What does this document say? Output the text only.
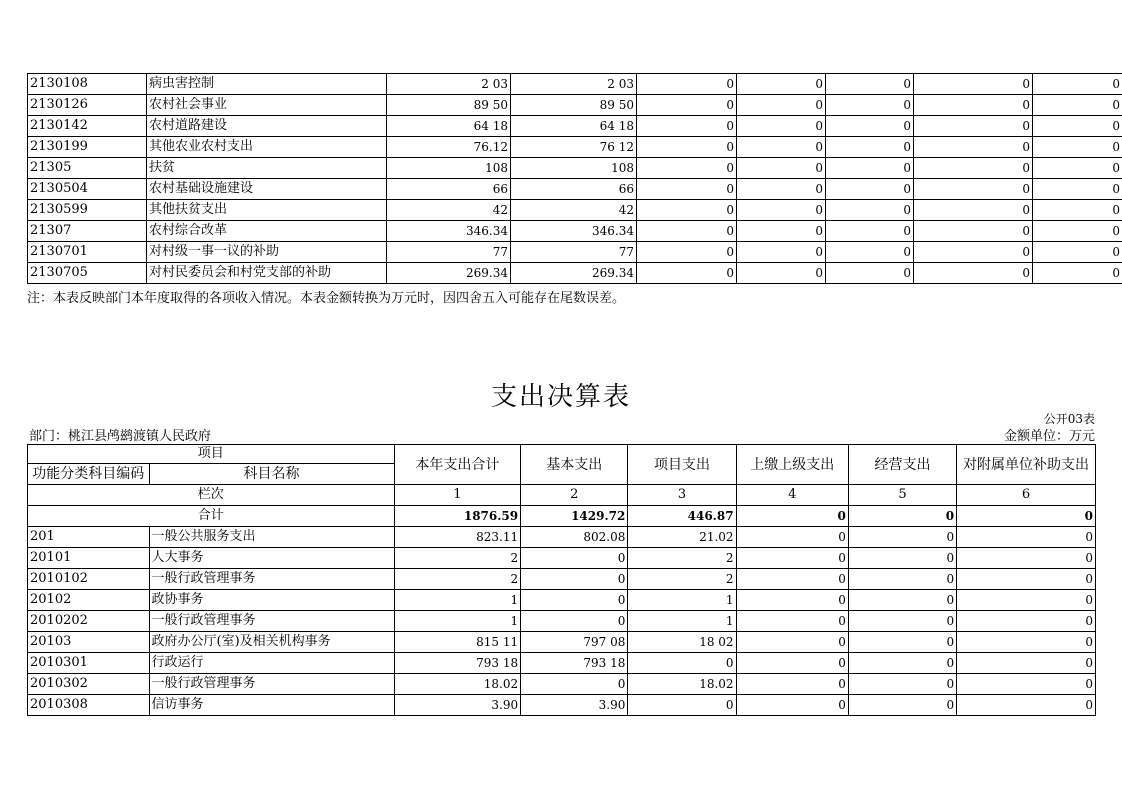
2130108	病虫害控制	2 03	2 03	0	0	0	0	0
2130126	农村社会事业	89 50	89 50	0	0	0	0	0
2130142	农村道路建设	64 18	64 18	0	0	0	0	0
2130199	其他农业农村支出	76.12	76 12	0	0	0	0	0
21305	扶贫	108	108	0	0	0	0	0
2130504	农村基础设施建设	66	66	0	0	0	0	0
2130599	其他扶贫支出	42	42	0	0	0	0	0
21307	农村综合改革	346.34	346.34	0	0	0	0	0
2130701	对村级一事一议的补助	77	77	0	0	0	0	0
2130705	对村民委员会和村党支部的补助	269.34	269.34	0	0	0	0	0
注：本表反映部门本年度取得的各项收入情况。本表金额转换为万元时，因四舍五入可能存在尾数误差。
支出决算表
公开03表
部门：桃江县鸬鹚渡镇人民政府	金额单位：万元
项目		本年支出合计	基本支出	项目支出	上缴上级支出	经营支出	对附属单位补助支出
功能分类科目编码	科目名称						
栏次		1	2	3	4	5	6
合计		1876.59	1429.72	446.87	0	0	0
201	一般公共服务支出	823.11	802.08	21.02	0	0	0
20101	人大事务	2	0	2	0	0	0
2010102	一般行政管理事务	2	0	2	0	0	0
20102	政协事务	1	0	1	0	0	0
2010202	一般行政管理事务	1	0	1	0	0	0
20103	政府办公厅(室)及相关机构事务	815 11	797 08	18 02	0	0	0
2010301	行政运行	793 18	793 18	0	0	0	0
2010302	一般行政管理事务	18.02	0	18.02	0	0	0
2010308	信访事务	3.90	3.90	0	0	0	0
